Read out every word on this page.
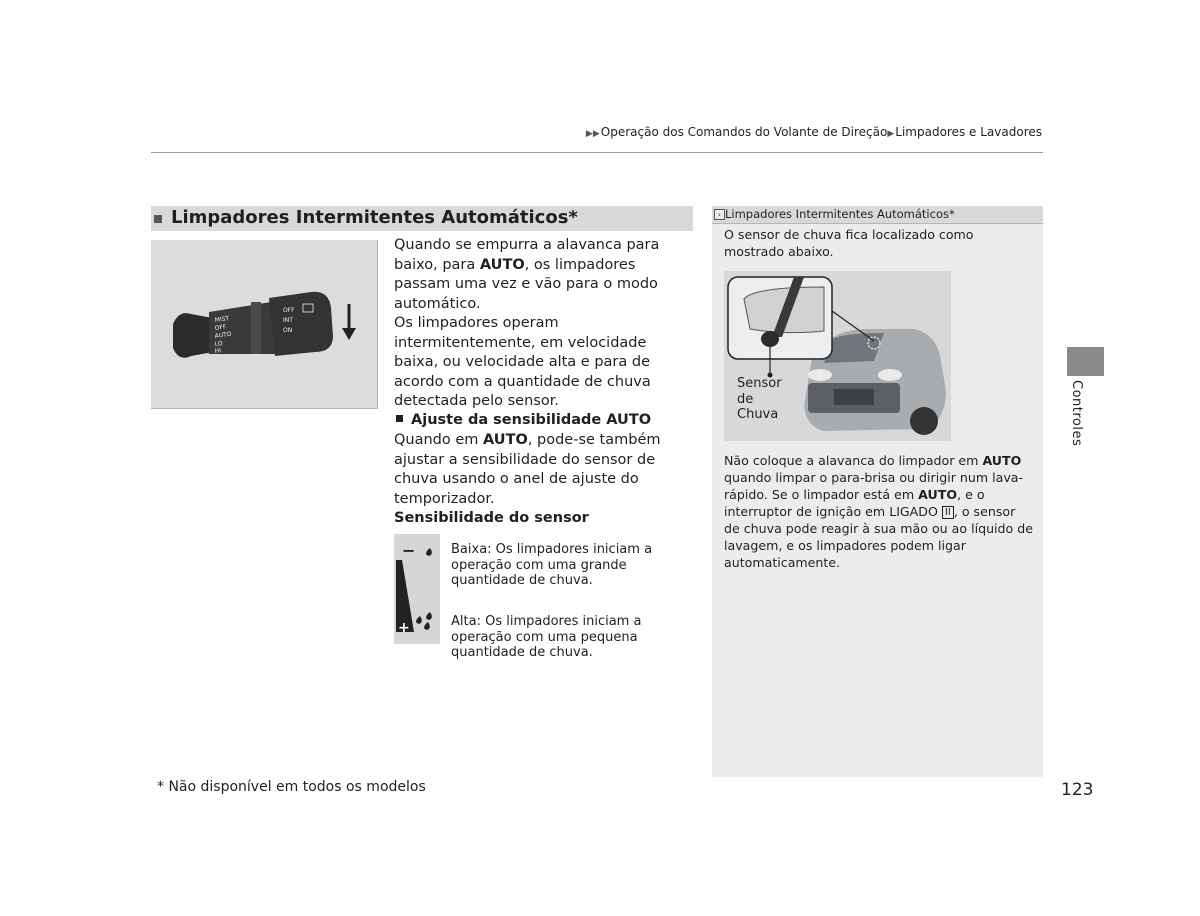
▶▶Operação dos Comandos do Volante de Direção▶Limpadores e Lavadores
Limpadores Intermitentes Automáticos*
MIST
OFF
AUTO
LO
HI
OFF
INT
ON
Quando se empurra a alavanca para baixo, para AUTO, os limpadores passam uma vez e vão para o modo automático.
Os limpadores operam intermitentemente, em velocidade baixa, ou velocidade alta e para de acordo com a quantidade de chuva detectada pelo sensor.
Ajuste da sensibilidade AUTO
Quando em AUTO, pode-se também ajustar a sensibilidade do sensor de chuva usando o anel de ajuste do temporizador.
Sensibilidade do sensor
−
+
Baixa: Os limpadores iniciam a operação com uma grande quantidade de chuva.
Alta: Os limpadores iniciam a operação com uma pequena quantidade de chuva.
* Não disponível em todos os modelos	123
› Limpadores Intermitentes Automáticos*
O sensor de chuva fica localizado como mostrado abaixo.
Sensor
de
Chuva
Não coloque a alavanca do limpador em AUTO quando limpar o para-brisa ou dirigir num lava-rápido. Se o limpador está em AUTO, e o interruptor de ignição em LIGADO II , o sensor de chuva pode reagir à sua mão ou ao líquido de lavagem, e os limpadores podem ligar automaticamente.
Controles
